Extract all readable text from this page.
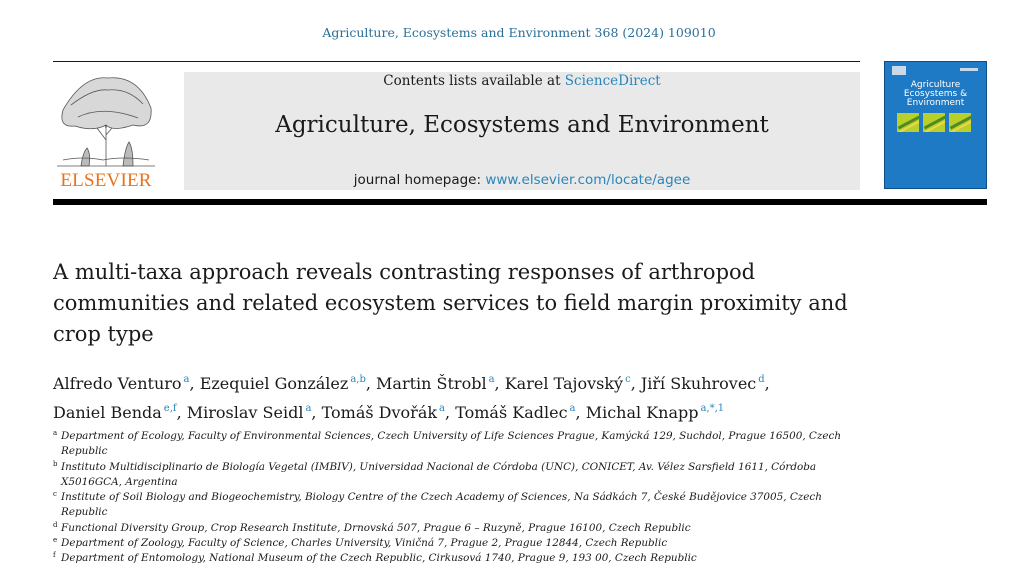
Agriculture, Ecosystems and Environment 368 (2024) 109010
ELSEVIER
Contents lists available at ScienceDirect
Agriculture, Ecosystems and Environment
journal homepage: www.elsevier.com/locate/agee
Agriculture Ecosystems & Environment
A multi-taxa approach reveals contrasting responses of arthropod communities and related ecosystem services to field margin proximity and crop type
Alfredo Venturo $^a$, Ezequiel González $^{a,b}$, Martin Štrobl $^a$, Karel Tajovský $^c$, Jiří Skuhrovec $^d$,
Daniel Benda $^{e,f}$, Miroslav Seidl $^a$, Tomáš Dvořák $^a$, Tomáš Kadlec $^a$, Michal Knapp $^{a,*,1}$
a Department of Ecology, Faculty of Environmental Sciences, Czech University of Life Sciences Prague, Kamýcká 129, Suchdol, Prague 16500, Czech Republic
b Instituto Multidisciplinario de Biología Vegetal (IMBIV), Universidad Nacional de Córdoba (UNC), CONICET, Av. Vélez Sarsfield 1611, Córdoba X5016GCA, Argentina
c Institute of Soil Biology and Biogeochemistry, Biology Centre of the Czech Academy of Sciences, Na Sádkách 7, České Budějovice 37005, Czech Republic
d Functional Diversity Group, Crop Research Institute, Drnovská 507, Prague 6 – Ruzyně, Prague 16100, Czech Republic
e Department of Zoology, Faculty of Science, Charles University, Viničná 7, Prague 2, Prague 12844, Czech Republic
f Department of Entomology, National Museum of the Czech Republic, Cirkusová 1740, Prague 9, 193 00, Czech Republic
